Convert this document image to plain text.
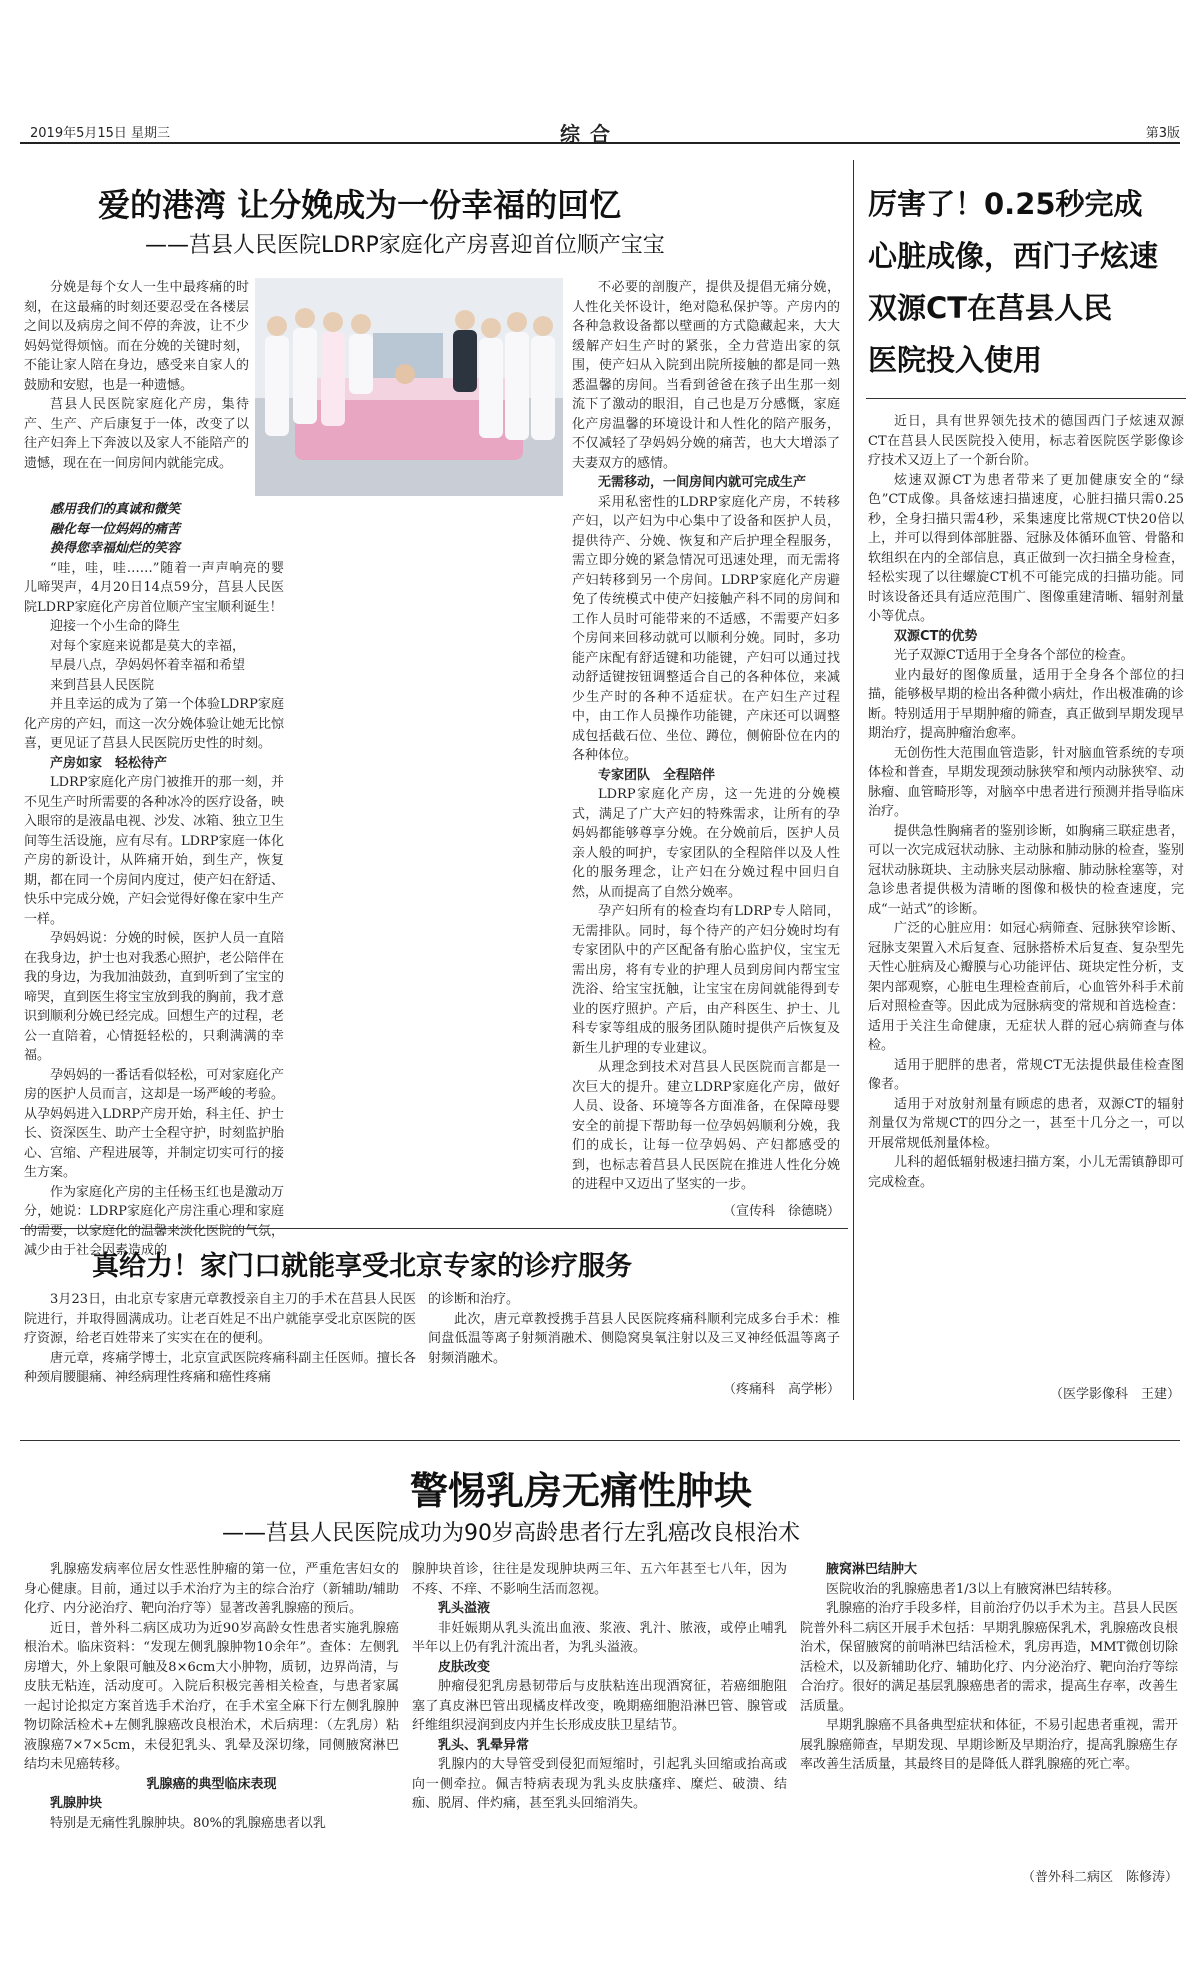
2019年5月15日 星期三	综合	第3版
爱的港湾 让分娩成为一份幸福的回忆
——莒县人民医院LDRP家庭化产房喜迎首位顺产宝宝

分娩是每个女人一生中最疼痛的时刻，在这最痛的时刻还要忍受在各楼层之间以及病房之间不停的奔波，让不少妈妈觉得烦恼。而在分娩的关键时刻，不能让家人陪在身边，感受来自家人的鼓励和安慰，也是一种遗憾。

莒县人民医院家庭化产房，集待产、生产、产后康复于一体，改变了以往产妇奔上下奔波以及家人不能陪产的遗憾，现在在一间房间内就能完成。

感用我们的真诚和微笑

融化每一位妈妈的痛苦

换得您幸福灿烂的笑容

“哇，哇，哇……”随着一声声响亮的婴儿啼哭声，4月20日14点59分，莒县人民医院LDRP家庭化产房首位顺产宝宝顺利诞生！

迎接一个小生命的降生

对每个家庭来说都是莫大的幸福，

早晨八点，孕妈妈怀着幸福和希望

来到莒县人民医院

并且幸运的成为了第一个体验LDRP家庭化产房的产妇，而这一次分娩体验让她无比惊喜，更见证了莒县人民医院历史性的时刻。

产房如家　轻松待产

LDRP家庭化产房门被推开的那一刻，并不见生产时所需要的各种冰冷的医疗设备，映入眼帘的是液晶电视、沙发、冰箱、独立卫生间等生活设施，应有尽有。LDRP家庭一体化产房的新设计，从阵痛开始，到生产，恢复期，都在同一个房间内度过，使产妇在舒适、快乐中完成分娩，产妇会觉得好像在家中生产一样。

孕妈妈说：分娩的时候，医护人员一直陪在我身边，护士也对我悉心照护，老公陪伴在我的身边，为我加油鼓劲，直到听到了宝宝的啼哭，直到医生将宝宝放到我的胸前，我才意识到顺利分娩已经完成。回想生产的过程，老公一直陪着，心情挺轻松的，只剩满满的幸福。

孕妈妈的一番话看似轻松，可对家庭化产房的医护人员而言，这却是一场严峻的考验。从孕妈妈进入LDRP产房开始，科主任、护士长、资深医生、助产士全程守护，时刻监护胎心、宫缩、产程进展等，并制定切实可行的接生方案。

作为家庭化产房的主任杨玉红也是激动万分，她说：LDRP家庭化产房注重心理和家庭的需要，以家庭化的温馨来淡化医院的气氛，减少由于社会因素造成的

不必要的剖腹产，提供及提倡无痛分娩，人性化关怀设计，绝对隐私保护等。产房内的各种急救设备都以壁画的方式隐藏起来，大大缓解产妇生产时的紧张，全力营造出家的氛围，使产妇从入院到出院所接触的都是同一熟悉温馨的房间。当看到爸爸在孩子出生那一刻流下了激动的眼泪，自己也是万分感慨，家庭化产房温馨的环境设计和人性化的陪产服务，不仅减轻了孕妈妈分娩的痛苦，也大大增添了夫妻双方的感情。

无需移动，一间房间内就可完成生产

采用私密性的LDRP家庭化产房，不转移产妇，以产妇为中心集中了设备和医护人员，提供待产、分娩、恢复和产后护理全程服务，需立即分娩的紧急情况可迅速处理，而无需将产妇转移到另一个房间。LDRP家庭化产房避免了传统模式中使产妇接触产科不同的房间和工作人员时可能带来的不适感，不需要产妇多个房间来回移动就可以顺利分娩。同时，多功能产床配有舒适键和功能键，产妇可以通过找动舒适键按钮调整适合自己的各种体位，来减少生产时的各种不适症状。在产妇生产过程中，由工作人员操作功能键，产床还可以调整成包括截石位、坐位、蹲位，侧俯卧位在内的各种体位。

专家团队　全程陪伴

LDRP家庭化产房，这一先进的分娩模式，满足了广大产妇的特殊需求，让所有的孕妈妈都能够尊享分娩。在分娩前后，医护人员亲人般的呵护，专家团队的全程陪伴以及人性化的服务理念，让产妇在分娩过程中回归自然，从而提高了自然分娩率。

孕产妇所有的检查均有LDRP专人陪同，无需排队。同时，每个待产的产妇分娩时均有专家团队中的产区配备有胎心监护仪，宝宝无需出房，将有专业的护理人员到房间内帮宝宝洗浴、给宝宝抚触，让宝宝在房间就能得到专业的医疗照护。产后，由产科医生、护士、儿科专家等组成的服务团队随时提供产后恢复及新生儿护理的专业建议。

从理念到技术对莒县人民医院而言都是一次巨大的提升。建立LDRP家庭化产房，做好人员、设备、环境等各方面准备，在保障母婴安全的前提下帮助每一位孕妈妈顺利分娩，我们的成长，让每一位孕妈妈、产妇都感受的到，也标志着莒县人民医院在推进人性化分娩的进程中又迈出了坚实的一步。

（宣传科　徐德晓）
厉害了！0.25秒完成
心脏成像，西门子炫速
双源CT在莒县人民
医院投入使用

近日，具有世界领先技术的德国西门子炫速双源CT在莒县人民医院投入使用，标志着医院医学影像诊疗技术又迈上了一个新台阶。

炫速双源CT为患者带来了更加健康安全的“绿色”CT成像。具备炫速扫描速度，心脏扫描只需0.25秒，全身扫描只需4秒，采集速度比常规CT快20倍以上，并可以得到体部脏器、冠脉及体循环血管、骨骼和软组织在内的全部信息，真正做到一次扫描全身检查，轻松实现了以往螺旋CT机不可能完成的扫描功能。同时该设备还具有适应范围广、图像重建清晰、辐射剂量小等优点。

双源CT的优势

光子双源CT适用于全身各个部位的检查。

业内最好的图像质量，适用于全身各个部位的扫描，能够极早期的检出各种微小病灶，作出极准确的诊断。特别适用于早期肿瘤的筛查，真正做到早期发现早期治疗，提高肿瘤治愈率。

无创伤性大范围血管造影，针对脑血管系统的专项体检和普查，早期发现颈动脉狭窄和颅内动脉狭窄、动脉瘤、血管畸形等，对脑卒中患者进行预测并指导临床治疗。

提供急性胸痛者的鉴别诊断，如胸痛三联症患者，可以一次完成冠状动脉、主动脉和肺动脉的检查，鉴别冠状动脉斑块、主动脉夹层动脉瘤、肺动脉栓塞等，对急诊患者提供极为清晰的图像和极快的检查速度，完成“一站式”的诊断。

广泛的心脏应用：如冠心病筛查、冠脉狭窄诊断、冠脉支架置入术后复查、冠脉搭桥术后复查、复杂型先天性心脏病及心瓣膜与心功能评估、斑块定性分析，支架内部观察，心脏电生理检查前后，心血管外科手术前后对照检查等。因此成为冠脉病变的常规和首选检查：适用于关注生命健康，无症状人群的冠心病筛查与体检。

适用于肥胖的患者，常规CT无法提供最佳检查图像者。

适用于对放射剂量有顾虑的患者，双源CT的辐射剂量仅为常规CT的四分之一，甚至十几分之一，可以开展常规低剂量体检。

儿科的超低辐射极速扫描方案，小儿无需镇静即可完成检查。

（医学影像科　王建）
真给力！家门口就能享受北京专家的诊疗服务

3月23日，由北京专家唐元章教授亲自主刀的手术在莒县人民医院进行，并取得圆满成功。让老百姓足不出户就能享受北京医院的医疗资源，给老百姓带来了实实在在的便利。

唐元章，疼痛学博士，北京宣武医院疼痛科副主任医师。擅长各种颈肩腰腿痛、神经病理性疼痛和癌性疼痛

的诊断和治疗。

此次，唐元章教授携手莒县人民医院疼痛科顺利完成多台手术：椎间盘低温等离子射频消融术、侧隐窝臭氧注射以及三叉神经低温等离子射频消融术。

（疼痛科　高学彬）
警惕乳房无痛性肿块
——莒县人民医院成功为90岁高龄患者行左乳癌改良根治术

乳腺癌发病率位居女性恶性肿瘤的第一位，严重危害妇女的身心健康。目前，通过以手术治疗为主的综合治疗（新辅助/辅助化疗、内分泌治疗、靶向治疗等）显著改善乳腺癌的预后。

近日，普外科二病区成功为近90岁高龄女性患者实施乳腺癌根治术。临床资料：“发现左侧乳腺肿物10余年”。查体：左侧乳房增大，外上象限可触及8×6cm大小肿物，质韧，边界尚清，与皮肤无粘连，活动度可。入院后积极完善相关检查，与患者家属一起讨论拟定方案首选手术治疗，在手术室全麻下行左侧乳腺肿物切除活检术+左侧乳腺癌改良根治术，术后病理：（左乳房）粘液腺癌7×7×5cm，未侵犯乳头、乳晕及深切缘，同侧腋窝淋巴结均未见癌转移。

乳腺癌的典型临床表现

乳腺肿块

特别是无痛性乳腺肿块。80%的乳腺癌患者以乳

腺肿块首诊，往往是发现肿块两三年、五六年甚至七八年，因为不疼、不痒、不影响生活而忽视。

乳头溢液

非妊娠期从乳头流出血液、浆液、乳汁、脓液，或停止哺乳半年以上仍有乳汁流出者，为乳头溢液。

皮肤改变

肿瘤侵犯乳房悬韧带后与皮肤粘连出现酒窝征，若癌细胞阻塞了真皮淋巴管出现橘皮样改变，晚期癌细胞沿淋巴管、腺管或纤维组织浸润到皮内并生长形成皮肤卫星结节。

乳头、乳晕异常

乳腺内的大导管受到侵犯而短缩时，引起乳头回缩或抬高或向一侧牵拉。佩吉特病表现为乳头皮肤瘙痒、糜烂、破溃、结痂、脱屑、伴灼痛，甚至乳头回缩消失。

腋窝淋巴结肿大

医院收治的乳腺癌患者1/3以上有腋窝淋巴结转移。

乳腺癌的治疗手段多样，目前治疗仍以手术为主。莒县人民医院普外科二病区开展手术包括：早期乳腺癌保乳术，乳腺癌改良根治术，保留腋窝的前哨淋巴结活检术，乳房再造，MMT微创切除活检术，以及新辅助化疗、辅助化疗、内分泌治疗、靶向治疗等综合治疗。很好的满足基层乳腺癌患者的需求，提高生存率，改善生活质量。

早期乳腺癌不具备典型症状和体征，不易引起患者重视，需开展乳腺癌筛查，早期发现、早期诊断及早期治疗，提高乳腺癌生存率改善生活质量，其最终目的是降低人群乳腺癌的死亡率。

（普外科二病区　陈修涛）
